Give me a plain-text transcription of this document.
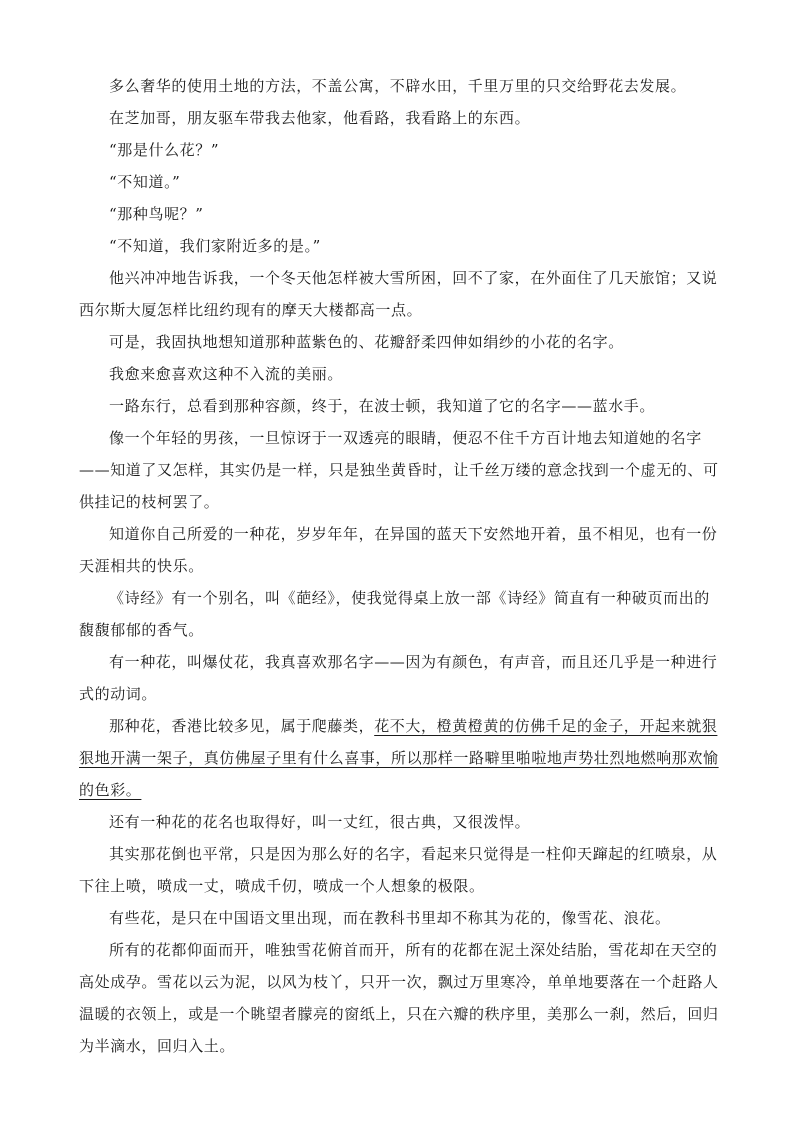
多么奢华的使用土地的方法，不盖公寓，不辟水田，千里万里的只交给野花去发展。

在芝加哥，朋友驱车带我去他家，他看路，我看路上的东西。

“那是什么花？”

“不知道。”

“那种鸟呢？”

“不知道，我们家附近多的是。”

他兴冲冲地告诉我，一个冬天他怎样被大雪所困，回不了家，在外面住了几天旅馆；又说西尔斯大厦怎样比纽约现有的摩天大楼都高一点。

可是，我固执地想知道那种蓝紫色的、花瓣舒柔四伸如绢纱的小花的名字。

我愈来愈喜欢这种不入流的美丽。

一路东行，总看到那种容颜，终于，在波士顿，我知道了它的名字——蓝水手。

像一个年轻的男孩，一旦惊讶于一双透亮的眼睛，便忍不住千方百计地去知道她的名字——知道了又怎样，其实仍是一样，只是独坐黄昏时，让千丝万缕的意念找到一个虚无的、可供挂记的枝柯罢了。

知道你自己所爱的一种花，岁岁年年，在异国的蓝天下安然地开着，虽不相见，也有一份天涯相共的快乐。

《诗经》有一个别名，叫《葩经》，使我觉得桌上放一部《诗经》简直有一种破页而出的馥馥郁郁的香气。

有一种花，叫爆仗花，我真喜欢那名字——因为有颜色，有声音，而且还几乎是一种进行式的动词。

那种花，香港比较多见，属于爬藤类，花不大，橙黄橙黄的仿佛千足的金子，开起来就狠狠地开满一架子，真仿佛屋子里有什么喜事，所以那样一路噼里啪啦地声势壮烈地燃响那欢愉的色彩。

还有一种花的花名也取得好，叫一丈红，很古典，又很泼悍。

其实那花倒也平常，只是因为那么好的名字，看起来只觉得是一柱仰天蹿起的红喷泉，从下往上喷，喷成一丈，喷成千仞，喷成一个人想象的极限。

有些花，是只在中国语文里出现，而在教科书里却不称其为花的，像雪花、浪花。

所有的花都仰面而开，唯独雪花俯首而开，所有的花都在泥土深处结胎，雪花却在天空的高处成孕。雪花以云为泥，以风为枝丫，只开一次，飘过万里寒冷，单单地要落在一个赶路人温暖的衣领上，或是一个眺望者朦亮的窗纸上，只在六瓣的秩序里，美那么一刹，然后，回归为半滴水，回归入土。
